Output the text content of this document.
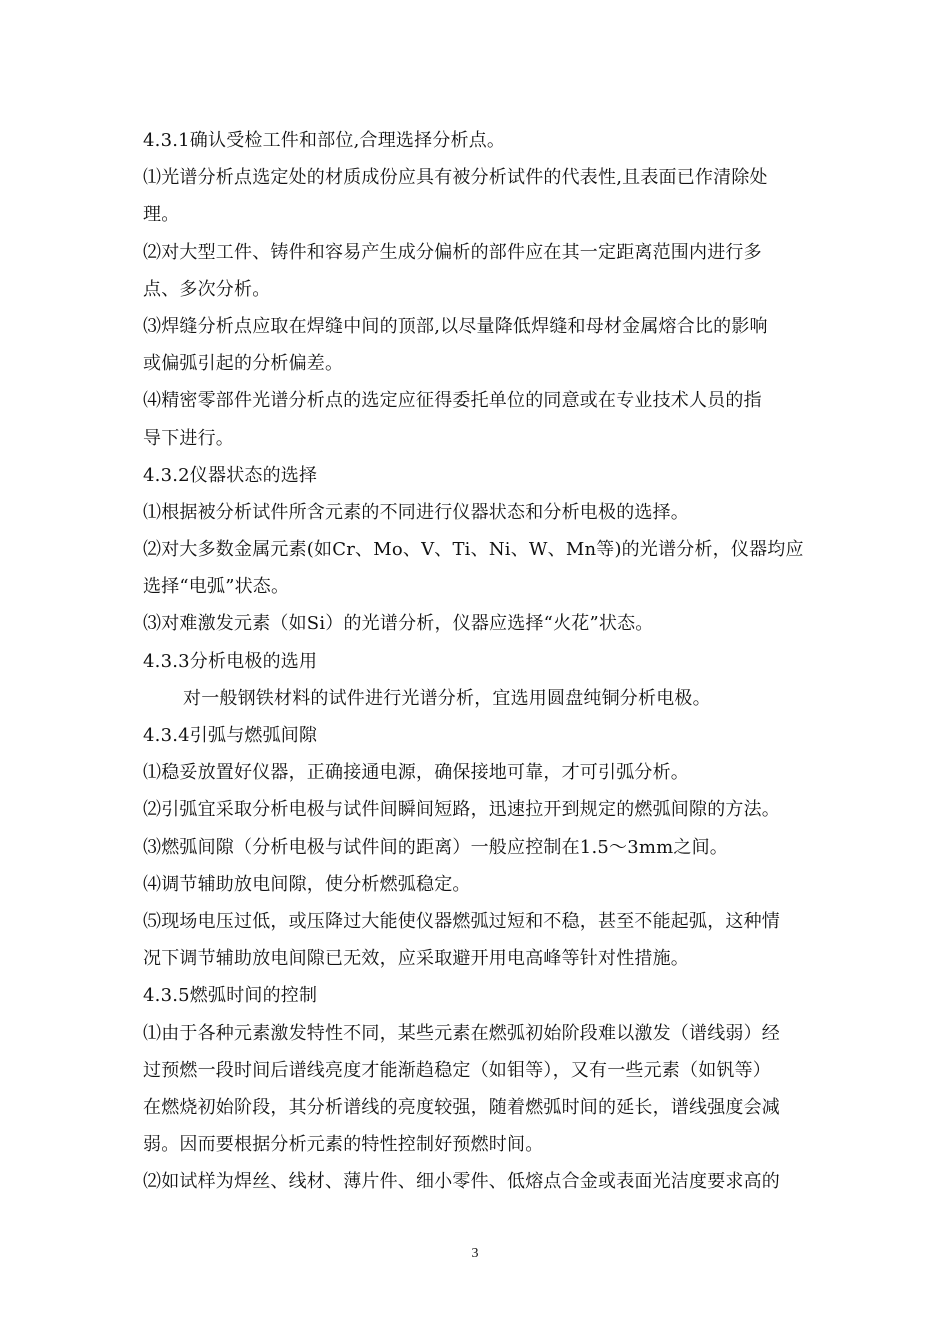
4.3.1确认受检工件和部位,合理选择分析点。
⑴光谱分析点选定处的材质成份应具有被分析试件的代表性,且表面已作清除处
理。
⑵对大型工件、铸件和容易产生成分偏析的部件应在其一定距离范围内进行多
点、多次分析。
⑶焊缝分析点应取在焊缝中间的顶部,以尽量降低焊缝和母材金属熔合比的影响
或偏弧引起的分析偏差。
⑷精密零部件光谱分析点的选定应征得委托单位的同意或在专业技术人员的指
导下进行。
4.3.2仪器状态的选择
⑴根据被分析试件所含元素的不同进行仪器状态和分析电极的选择。
⑵对大多数金属元素(如Cr、Mo、V、Ti、Ni、W、Mn等)的光谱分析，仪器均应
选择“电弧”状态。
⑶对难激发元素（如Si）的光谱分析，仪器应选择“火花”状态。
4.3.3分析电极的选用
对一般钢铁材料的试件进行光谱分析，宜选用圆盘纯铜分析电极。
4.3.4引弧与燃弧间隙
⑴稳妥放置好仪器，正确接通电源，确保接地可靠，才可引弧分析。
⑵引弧宜采取分析电极与试件间瞬间短路，迅速拉开到规定的燃弧间隙的方法。
⑶燃弧间隙（分析电极与试件间的距离）一般应控制在1.5～3mm之间。
⑷调节辅助放电间隙，使分析燃弧稳定。
⑸现场电压过低，或压降过大能使仪器燃弧过短和不稳，甚至不能起弧，这种情
况下调节辅助放电间隙已无效，应采取避开用电高峰等针对性措施。
4.3.5燃弧时间的控制
⑴由于各种元素激发特性不同，某些元素在燃弧初始阶段难以激发（谱线弱）经
过预燃一段时间后谱线亮度才能渐趋稳定（如钼等），又有一些元素（如钒等）
在燃烧初始阶段，其分析谱线的亮度较强，随着燃弧时间的延长，谱线强度会减
弱。因而要根据分析元素的特性控制好预燃时间。
⑵如试样为焊丝、线材、薄片件、细小零件、低熔点合金或表面光洁度要求高的
3
